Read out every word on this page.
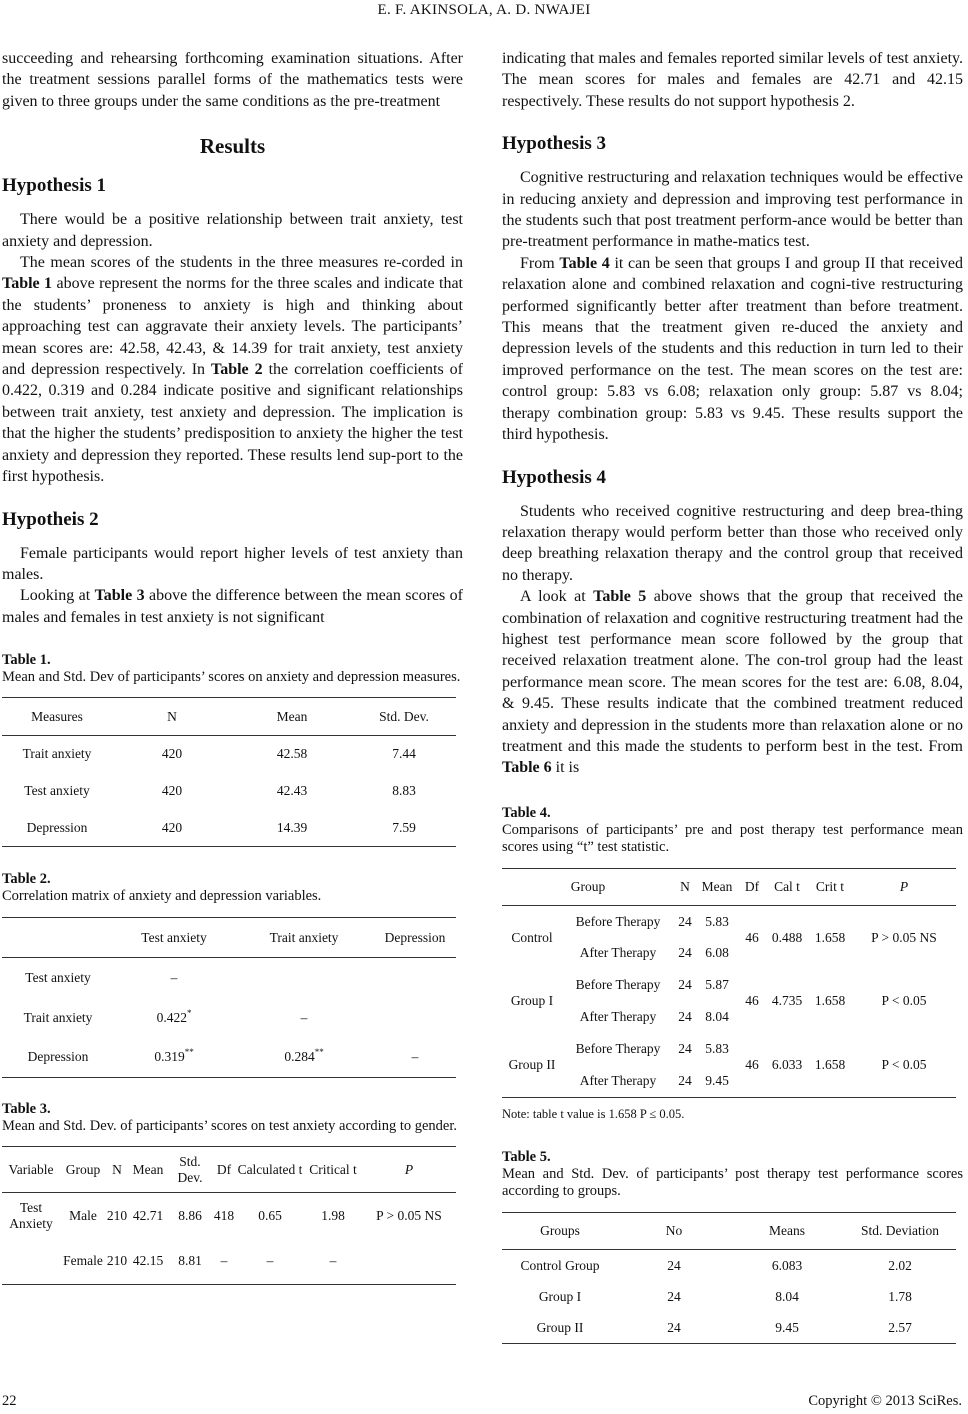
E. F. AKINSOLA, A. D. NWAJEI

succeeding and rehearsing forthcoming examination situations. After the treatment sessions parallel forms of the mathematics tests were given to three groups under the same conditions as the pre-treatment

Results
Hypothesis 1

There would be a positive relationship between trait anxiety, test anxiety and depression.

The mean scores of the students in the three measures re-corded in Table 1 above represent the norms for the three scales and indicate that the students’ proneness to anxiety is high and thinking about approaching test can aggravate their anxiety levels. The participants’ mean scores are: 42.58, 42.43, & 14.39 for trait anxiety, test anxiety and depression respectively. In Table 2 the correlation coefficients of 0.422, 0.319 and 0.284 indicate positive and significant relationships between trait anxiety, test anxiety and depression. The implication is that the higher the students’ predisposition to anxiety the higher the test anxiety and depression they reported. These results lend sup-port to the first hypothesis.

Hypotheis 2

Female participants would report higher levels of test anxiety than males.

Looking at Table 3 above the difference between the mean scores of males and females in test anxiety is not significant

Table 1.
Mean and Std. Dev of participants’ scores on anxiety and depression measures.
Measures	N	Mean	Std. Dev.
Trait anxiety	420	42.58	7.44
Test anxiety	420	42.43	8.83
Depression	420	14.39	7.59
Table 2.
Correlation matrix of anxiety and depression variables.
	Test anxiety	Trait anxiety	Depression
Test anxiety	–		
Trait anxiety	0.422*	–	
Depression	0.319**	0.284**	–
Table 3.
Mean and Std. Dev. of participants’ scores on test anxiety according to gender.
Variable	Group	N	Mean	Std. Dev.	Df	Calculated t	Critical t	P
Test Anxiety	Male	210	42.71	8.86	418	0.65	1.98	P > 0.05 NS
	Female	210	42.15	8.81	–	–	–	

indicating that males and females reported similar levels of test anxiety. The mean scores for males and females are 42.71 and 42.15 respectively. These results do not support hypothesis 2.

Hypothesis 3

Cognitive restructuring and relaxation techniques would be effective in reducing anxiety and depression and improving test performance in the students such that post treatment perform-ance would be better than pre-treatment performance in mathe-matics test.

From Table 4 it can be seen that groups I and group II that received relaxation alone and combined relaxation and cogni-tive restructuring performed significantly better after treatment than before treatment. This means that the treatment given re-duced the anxiety and depression levels of the students and this reduction in turn led to their improved performance on the test. The mean scores on the test are: control group: 5.83 vs 6.08; relaxation only group: 5.87 vs 8.04; therapy combination group: 5.83 vs 9.45. These results support the third hypothesis.

Hypothesis 4

Students who received cognitive restructuring and deep brea-thing relaxation therapy would perform better than those who received only deep breathing relaxation therapy and the control group that received no therapy.

A look at Table 5 above shows that the group that received the combination of relaxation and cognitive restructuring treatment had the highest test performance mean score followed by the group that received relaxation treatment alone. The con-trol group had the least performance mean score. The mean scores for the test are: 6.08, 8.04, & 9.45. These results indicate that the combined treatment reduced anxiety and depression in the students more than relaxation alone or no treatment and this made the students to perform best in the test. From Table 6 it is

Table 4.
Comparisons of participants’ pre and post therapy test performance mean scores using “t” test statistic.
Group		N	Mean	Df	Cal t	Crit t	P
Control	Before Therapy	24	5.83	46	0.488	1.658	P > 0.05 NS
	After Therapy	24	6.08				
Group I	Before Therapy	24	5.87	46	4.735	1.658	P < 0.05
	After Therapy	24	8.04				
Group II	Before Therapy	24	5.83	46	6.033	1.658	P < 0.05
	After Therapy	24	9.45				
Note: table t value is 1.658 P ≤ 0.05.
Table 5.
Mean and Std. Dev. of participants’ post therapy test performance scores according to groups.
Groups	No	Means	Std. Deviation
Control Group	24	6.083	2.02
Group I	24	8.04	1.78
Group II	24	9.45	2.57
22	Copyright © 2013 SciRes.
